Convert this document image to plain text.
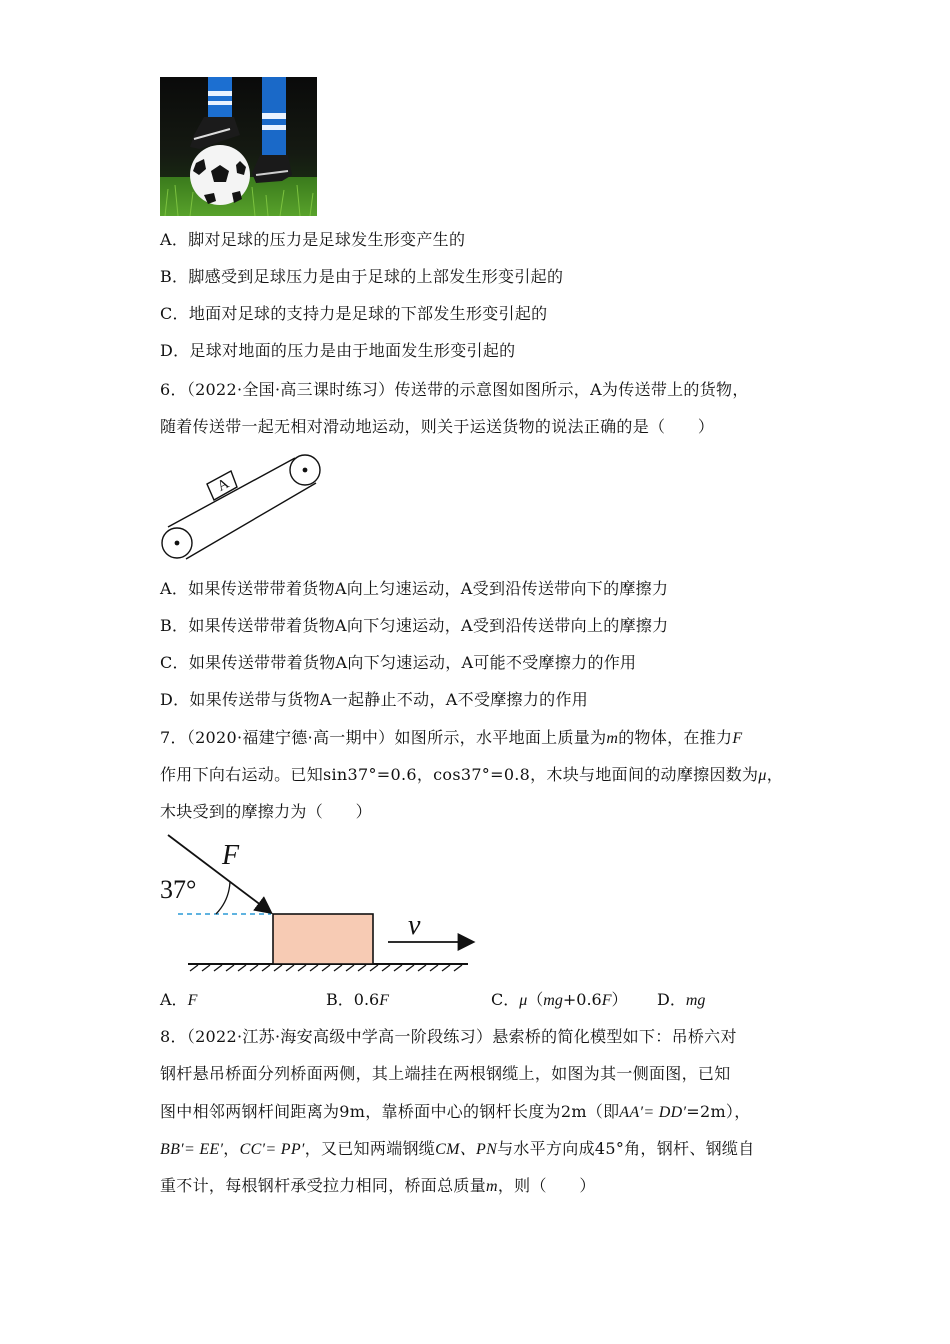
A．脚对足球的压力是足球发生形变产生的
B．脚感受到足球压力是由于足球的上部发生形变引起的
C．地面对足球的支持力是足球的下部发生形变引起的
D．足球对地面的压力是由于地面发生形变引起的
6．（2022·全国·高三课时练习）传送带的示意图如图所示，A为传送带上的货物，
随着传送带一起无相对滑动地运动，则关于运送货物的说法正确的是（　　）
A
A．如果传送带带着货物A向上匀速运动，A受到沿传送带向下的摩擦力
B．如果传送带带着货物A向下匀速运动，A受到沿传送带向上的摩擦力
C．如果传送带带着货物A向下匀速运动，A可能不受摩擦力的作用
D．如果传送带与货物A一起静止不动，A不受摩擦力的作用
7．（2020·福建宁德·高一期中）如图所示，水平地面上质量为m的物体，在推力F
作用下向右运动。已知sin37°=0.6，cos37°=0.8，木块与地面间的动摩擦因数为μ，
木块受到的摩擦力为（　　）
F
37°
v
A．F	B．0.6F	C．μ（mg+0.6F） D．mg
8．（2022·江苏·海安高级中学高一阶段练习）悬索桥的简化模型如下：吊桥六对
钢杆悬吊桥面分列桥面两侧，其上端挂在两根钢缆上，如图为其一侧面图，已知
图中相邻两钢杆间距离为9m，靠桥面中心的钢杆长度为2m（即AA′= DD′=2m），
BB′= EE′，CC′= PP′，又已知两端钢缆CM、PN与水平方向成45°角，钢杆、钢缆自
重不计，每根钢杆承受拉力相同，桥面总质量m，则（　　）
